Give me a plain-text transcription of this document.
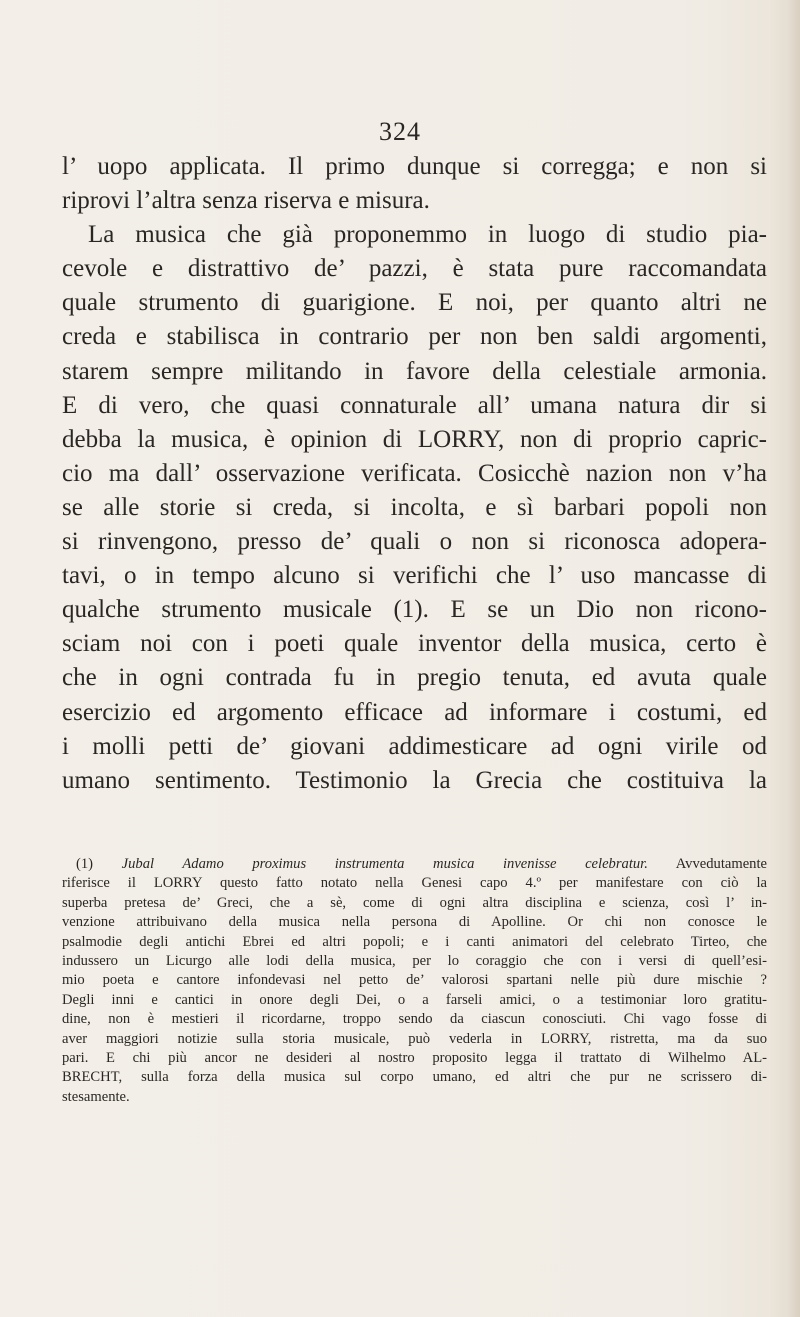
324
l’ uopo applicata. Il primo dunque si corregga; e non si
riprovi l’altra senza riserva e misura.
La musica che già proponemmo in luogo di studio pia-
cevole e distrattivo de’ pazzi, è stata pure raccomandata
quale strumento di guarigione. E noi, per quanto altri ne
creda e stabilisca in contrario per non ben saldi argomenti,
starem sempre militando in favore della celestiale armonia.
E di vero, che quasi connaturale all’ umana natura dir si
debba la musica, è opinion di LORRY, non di proprio capric-
cio ma dall’ osservazione verificata. Cosicchè nazion non v’ha
se alle storie si creda, si incolta, e sì barbari popoli non
si rinvengono, presso de’ quali o non si riconosca adopera-
tavi, o in tempo alcuno si verifichi che l’ uso mancasse di
qualche strumento musicale (1). E se un Dio non ricono-
sciam noi con i poeti quale inventor della musica, certo è
che in ogni contrada fu in pregio tenuta, ed avuta quale
esercizio ed argomento efficace ad informare i costumi, ed
i molli petti de’ giovani addimesticare ad ogni virile od
umano sentimento. Testimonio la Grecia che costituiva la
(1) Jubal Adamo proximus instrumenta musica invenisse celebratur. Avvedutamente
riferisce il LORRY questo fatto notato nella Genesi capo 4.º per manifestare con ciò la
superba pretesa de’ Greci, che a sè, come di ogni altra disciplina e scienza, così l’ in-
venzione attribuivano della musica nella persona di Apolline. Or chi non conosce le
psalmodie degli antichi Ebrei ed altri popoli; e i canti animatori del celebrato Tirteo, che
indussero un Licurgo alle lodi della musica, per lo coraggio che con i versi di quell’esi-
mio poeta e cantore infondevasi nel petto de’ valorosi spartani nelle più dure mischie ?
Degli inni e cantici in onore degli Dei, o a farseli amici, o a testimoniar loro gratitu-
dine, non è mestieri il ricordarne, troppo sendo da ciascun conosciuti. Chi vago fosse di
aver maggiori notizie sulla storia musicale, può vederla in LORRY, ristretta, ma da suo
pari. E chi più ancor ne desideri al nostro proposito legga il trattato di Wilhelmo AL-
BRECHT, sulla forza della musica sul corpo umano, ed altri che pur ne scrissero di-
stesamente.
